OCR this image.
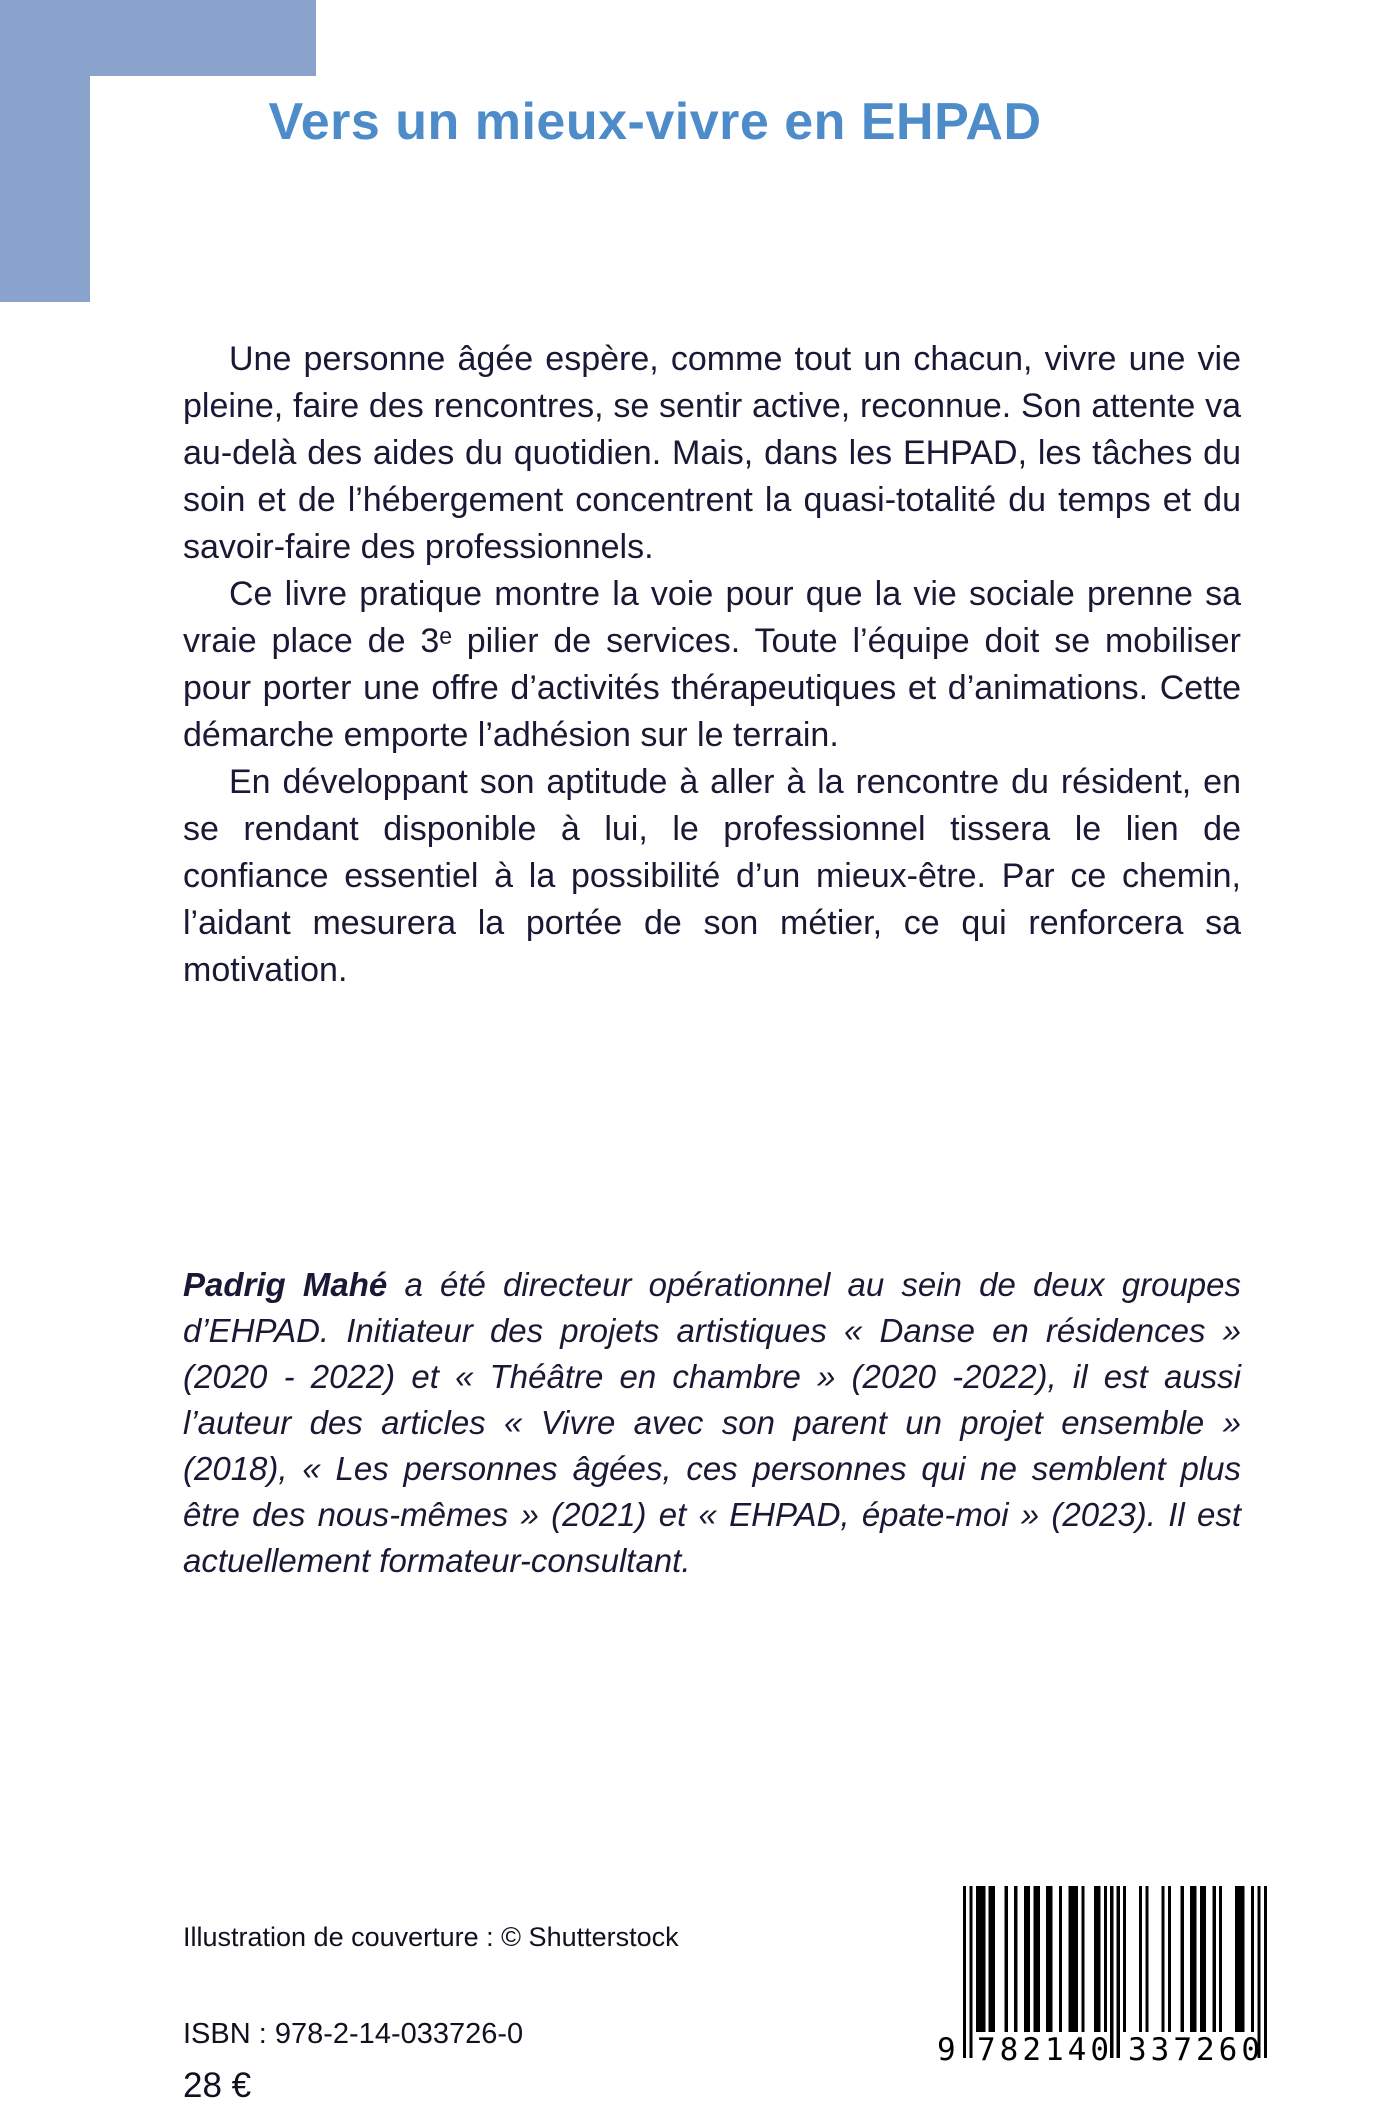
Vers un mieux-vivre en EHPAD

Une personne âgée espère, comme tout un chacun, vivre une vie pleine, faire des rencontres, se sentir active, reconnue. Son attente va au-delà des aides du quotidien. Mais, dans les EHPAD, les tâches du soin et de l’hébergement concentrent la quasi-totalité du temps et du savoir-faire des professionnels.

Ce livre pratique montre la voie pour que la vie sociale prenne sa vraie place de 3ᵉ pilier de services. Toute l’équipe doit se mobiliser pour porter une offre d’activités thérapeutiques et d’animations. Cette démarche emporte l’adhésion sur le terrain.

En développant son aptitude à aller à la rencontre du résident, en se rendant disponible à lui, le professionnel tissera le lien de confiance essentiel à la possibilité d’un mieux-être. Par ce chemin, l’aidant mesurera la portée de son métier, ce qui renforcera sa motivation.

Padrig Mahé a été directeur opérationnel au sein de deux groupes d’EHPAD. Initiateur des projets artistiques « Danse en résidences » (2020 - 2022) et « Théâtre en chambre » (2020 -2022), il est aussi l’auteur des articles « Vivre avec son parent un projet ensemble » (2018), « Les personnes âgées, ces personnes qui ne semblent plus être des nous-mêmes » (2021) et « EHPAD, épate-moi » (2023). Il est actuellement formateur-consultant.

Illustration de couverture : © Shutterstock
ISBN : 978-2-14-033726-0
28 €
9 782140 337260
